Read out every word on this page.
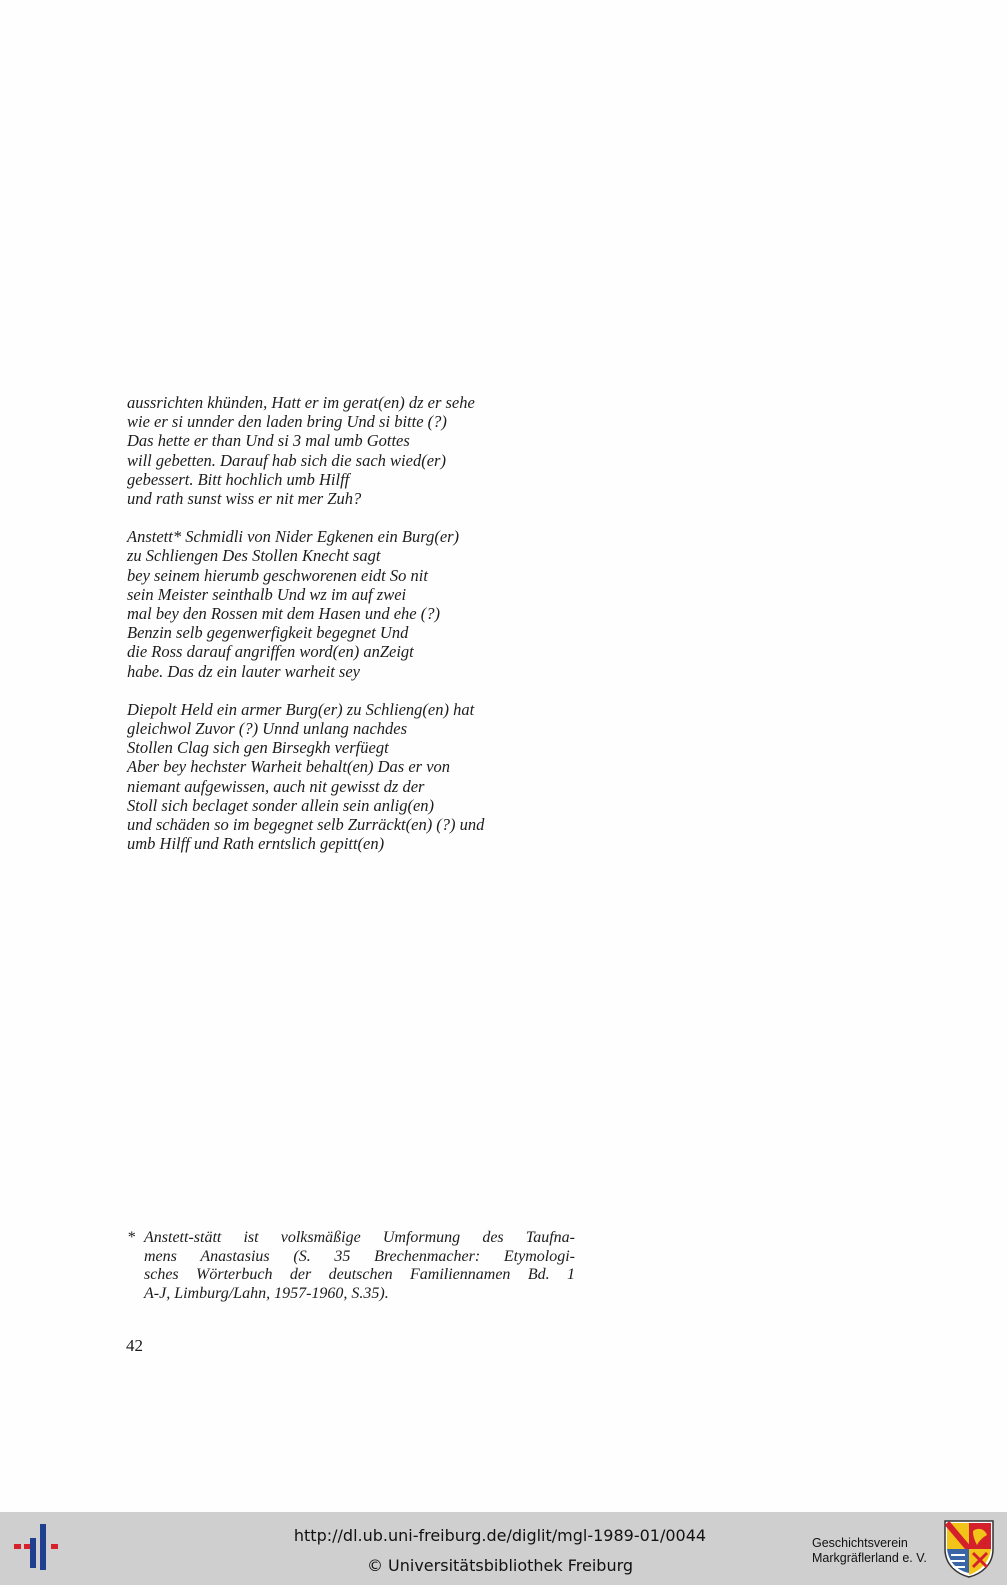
aussrichten khünden, Hatt er im gerat(en) dz er sehe
wie er si unnder den laden bring Und si bitte (?)
Das hette er than Und si 3 mal umb Gottes
will gebetten. Darauf hab sich die sach wied(er)
gebessert. Bitt hochlich umb Hilff
und rath sunst wiss er nit mer Zuh?
Anstett* Schmidli von Nider Egkenen ein Burg(er)
zu Schliengen Des Stollen Knecht sagt
bey seinem hierumb geschworenen eidt So nit
sein Meister seinthalb Und wz im auf zwei
mal bey den Rossen mit dem Hasen und ehe (?)
Benzin selb gegenwerfigkeit begegnet Und
die Ross darauf angriffen word(en) anZeigt
habe. Das dz ein lauter warheit sey
Diepolt Held ein armer Burg(er) zu Schlieng(en) hat
gleichwol Zuvor (?) Unnd unlang nachdes
Stollen Clag sich gen Birsegkh verfüegt
Aber bey hechster Warheit behalt(en) Das er von
niemant aufgewissen, auch nit gewisst dz der
Stoll sich beclaget sonder allein sein anlig(en)
und schäden so im begegnet selb Zurräckt(en) (?) und
umb Hilff und Rath erntslich gepitt(en)
* Anstett-stätt ist volksmäßige Umformung des Taufna-
mens Anastasius (S. 35 Brechenmacher: Etymologi-
sches Wörterbuch der deutschen Familiennamen Bd. 1
A-J, Limburg/Lahn, 1957-1960, S.35).
42
http://dl.ub.uni-freiburg.de/diglit/mgl-1989-01/0044
© Universitätsbibliothek Freiburg
Geschichtsverein
Markgräflerland e. V.
